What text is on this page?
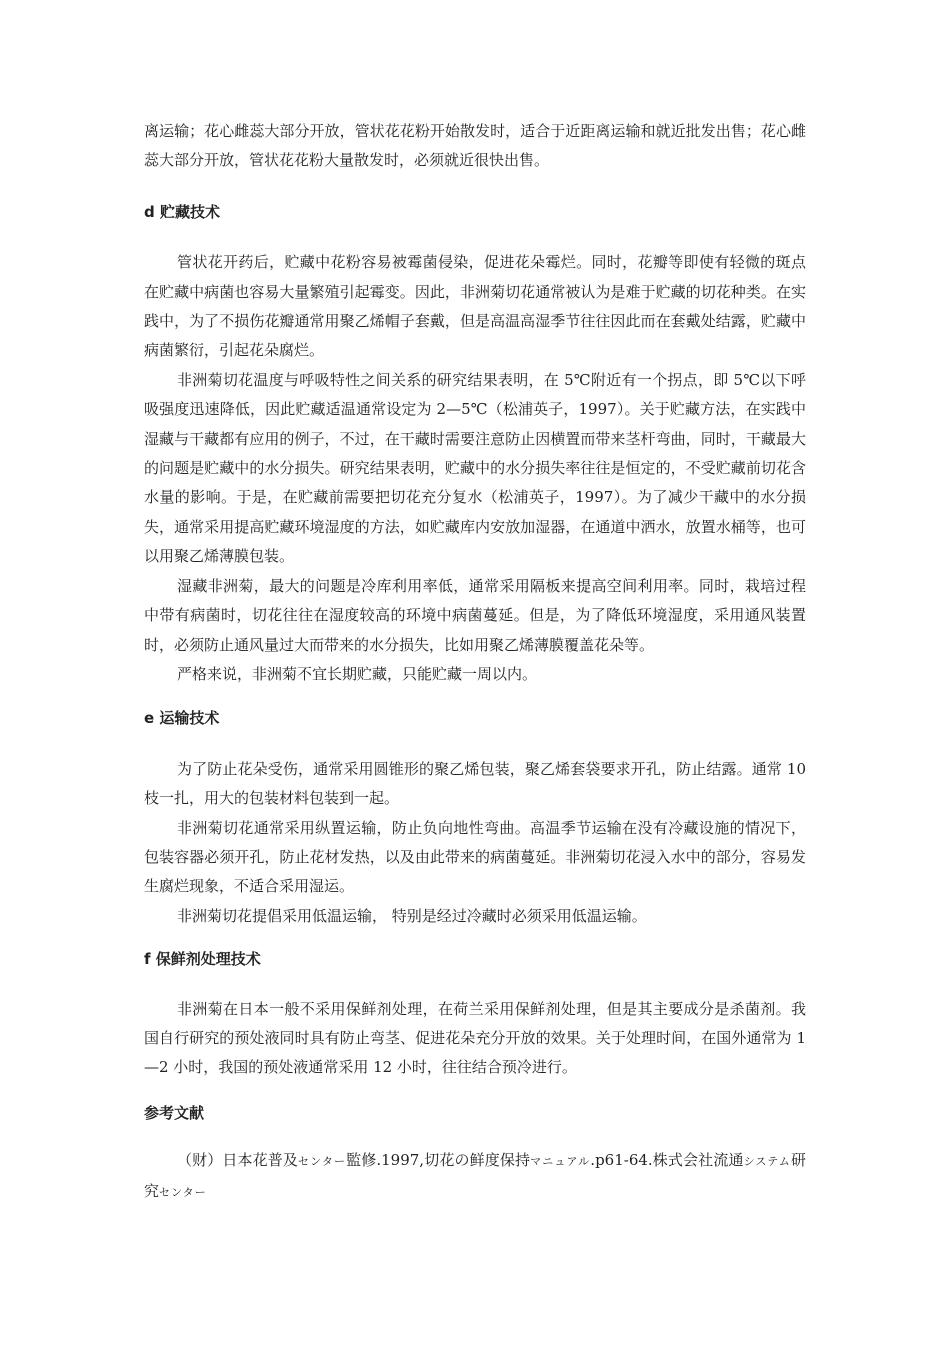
离运输；花心雌蕊大部分开放，管状花花粉开始散发时，适合于近距离运输和就近批发出售；花心雌蕊大部分开放，管状花花粉大量散发时，必须就近很快出售。

d 贮藏技术

管状花开药后，贮藏中花粉容易被霉菌侵染，促进花朵霉烂。同时，花瓣等即使有轻微的斑点在贮藏中病菌也容易大量繁殖引起霉变。因此，非洲菊切花通常被认为是难于贮藏的切花种类。在实践中，为了不损伤花瓣通常用聚乙烯帽子套戴，但是高温高湿季节往往因此而在套戴处结露，贮藏中病菌繁衍，引起花朵腐烂。

非洲菊切花温度与呼吸特性之间关系的研究结果表明，在 5℃附近有一个拐点，即 5℃以下呼吸强度迅速降低，因此贮藏适温通常设定为 2—5℃（松浦英子，1997）。关于贮藏方法，在实践中湿藏与干藏都有应用的例子，不过，在干藏时需要注意防止因横置而带来茎杆弯曲，同时，干藏最大的问题是贮藏中的水分损失。研究结果表明，贮藏中的水分损失率往往是恒定的，不受贮藏前切花含水量的影响。于是，在贮藏前需要把切花充分复水（松浦英子，1997）。为了减少干藏中的水分损失，通常采用提高贮藏环境湿度的方法，如贮藏库内安放加湿器，在通道中洒水，放置水桶等，也可以用聚乙烯薄膜包装。

湿藏非洲菊，最大的问题是冷库利用率低，通常采用隔板来提高空间利用率。同时，栽培过程中带有病菌时，切花往往在湿度较高的环境中病菌蔓延。但是，为了降低环境湿度，采用通风装置时，必须防止通风量过大而带来的水分损失，比如用聚乙烯薄膜覆盖花朵等。

严格来说，非洲菊不宜长期贮藏，只能贮藏一周以内。

e 运输技术

为了防止花朵受伤，通常采用圆锥形的聚乙烯包装，聚乙烯套袋要求开孔，防止结露。通常 10 枝一扎，用大的包装材料包装到一起。

非洲菊切花通常采用纵置运输，防止负向地性弯曲。高温季节运输在没有冷藏设施的情况下，包装容器必须开孔，防止花材发热，以及由此带来的病菌蔓延。非洲菊切花浸入水中的部分，容易发生腐烂现象，不适合采用湿运。

非洲菊切花提倡采用低温运输， 特别是经过冷藏时必须采用低温运输。

f 保鲜剂处理技术

非洲菊在日本一般不采用保鲜剂处理，在荷兰采用保鲜剂处理，但是其主要成分是杀菌剂。我国自行研究的预处液同时具有防止弯茎、促进花朵充分开放的效果。关于处理时间，在国外通常为 1—2 小时，我国的预处液通常采用 12 小时，往往结合预冷进行。

参考文献

（财）日本花普及センター監修.1997,切花の鲜度保持マニュアル.p61-64.株式会社流通システム研究センター
